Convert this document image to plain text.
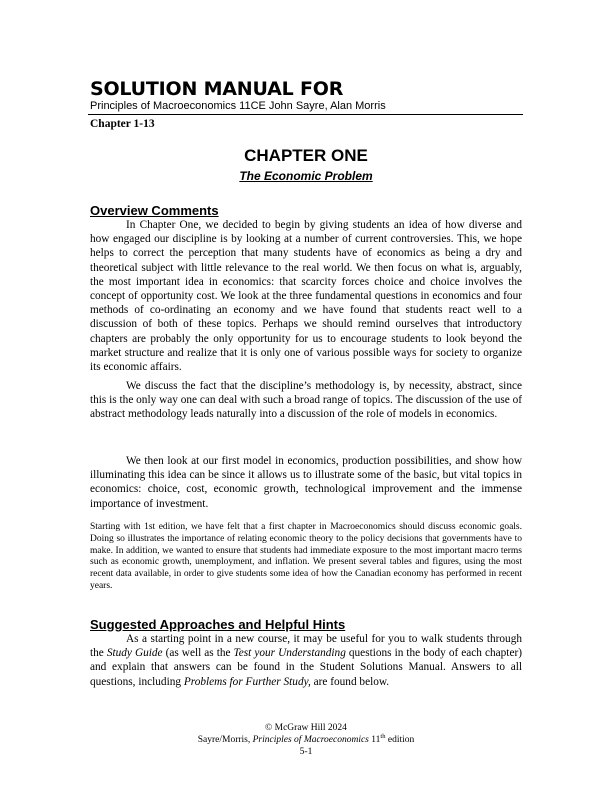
SOLUTION MANUAL FOR
Principles of Macroeconomics 11CE John Sayre, Alan Morris
Chapter 1-13
CHAPTER ONE
The Economic Problem
Overview Comments

In Chapter One, we decided to begin by giving students an idea of how diverse and how engaged our discipline is by looking at a number of current controversies. This, we hope helps to correct the perception that many students have of economics as being a dry and theoretical subject with little relevance to the real world. We then focus on what is, arguably, the most important idea in economics: that scarcity forces choice and choice involves the concept of opportunity cost. We look at the three fundamental questions in economics and four methods of co-ordinating an economy and we have found that students react well to a discussion of both of these topics. Perhaps we should remind ourselves that introductory chapters are probably the only opportunity for us to encourage students to look beyond the market structure and realize that it is only one of various possible ways for society to organize its economic affairs.

We discuss the fact that the discipline’s methodology is, by necessity, abstract, since this is the only way one can deal with such a broad range of topics. The discussion of the use of abstract methodology leads naturally into a discussion of the role of models in economics.

We then look at our first model in economics, production possibilities, and show how illuminating this idea can be since it allows us to illustrate some of the basic, but vital topics in economics: choice, cost, economic growth, technological improvement and the immense importance of investment.

Starting with 1st edition, we have felt that a first chapter in Macroeconomics should discuss economic goals. Doing so illustrates the importance of relating economic theory to the policy decisions that governments have to make. In addition, we wanted to ensure that students had immediate exposure to the most important macro terms such as economic growth, unemployment, and inflation. We present several tables and figures, using the most recent data available, in order to give students some idea of how the Canadian economy has performed in recent years.

Suggested Approaches and Helpful Hints

As a starting point in a new course, it may be useful for you to walk students through the Study Guide (as well as the Test your Understanding questions in the body of each chapter) and explain that answers can be found in the Student Solutions Manual. Answers to all questions, including Problems for Further Study, are found below.

© McGraw Hill 2024
Sayre/Morris, Principles of Macroeconomics 11th edition
5-1
